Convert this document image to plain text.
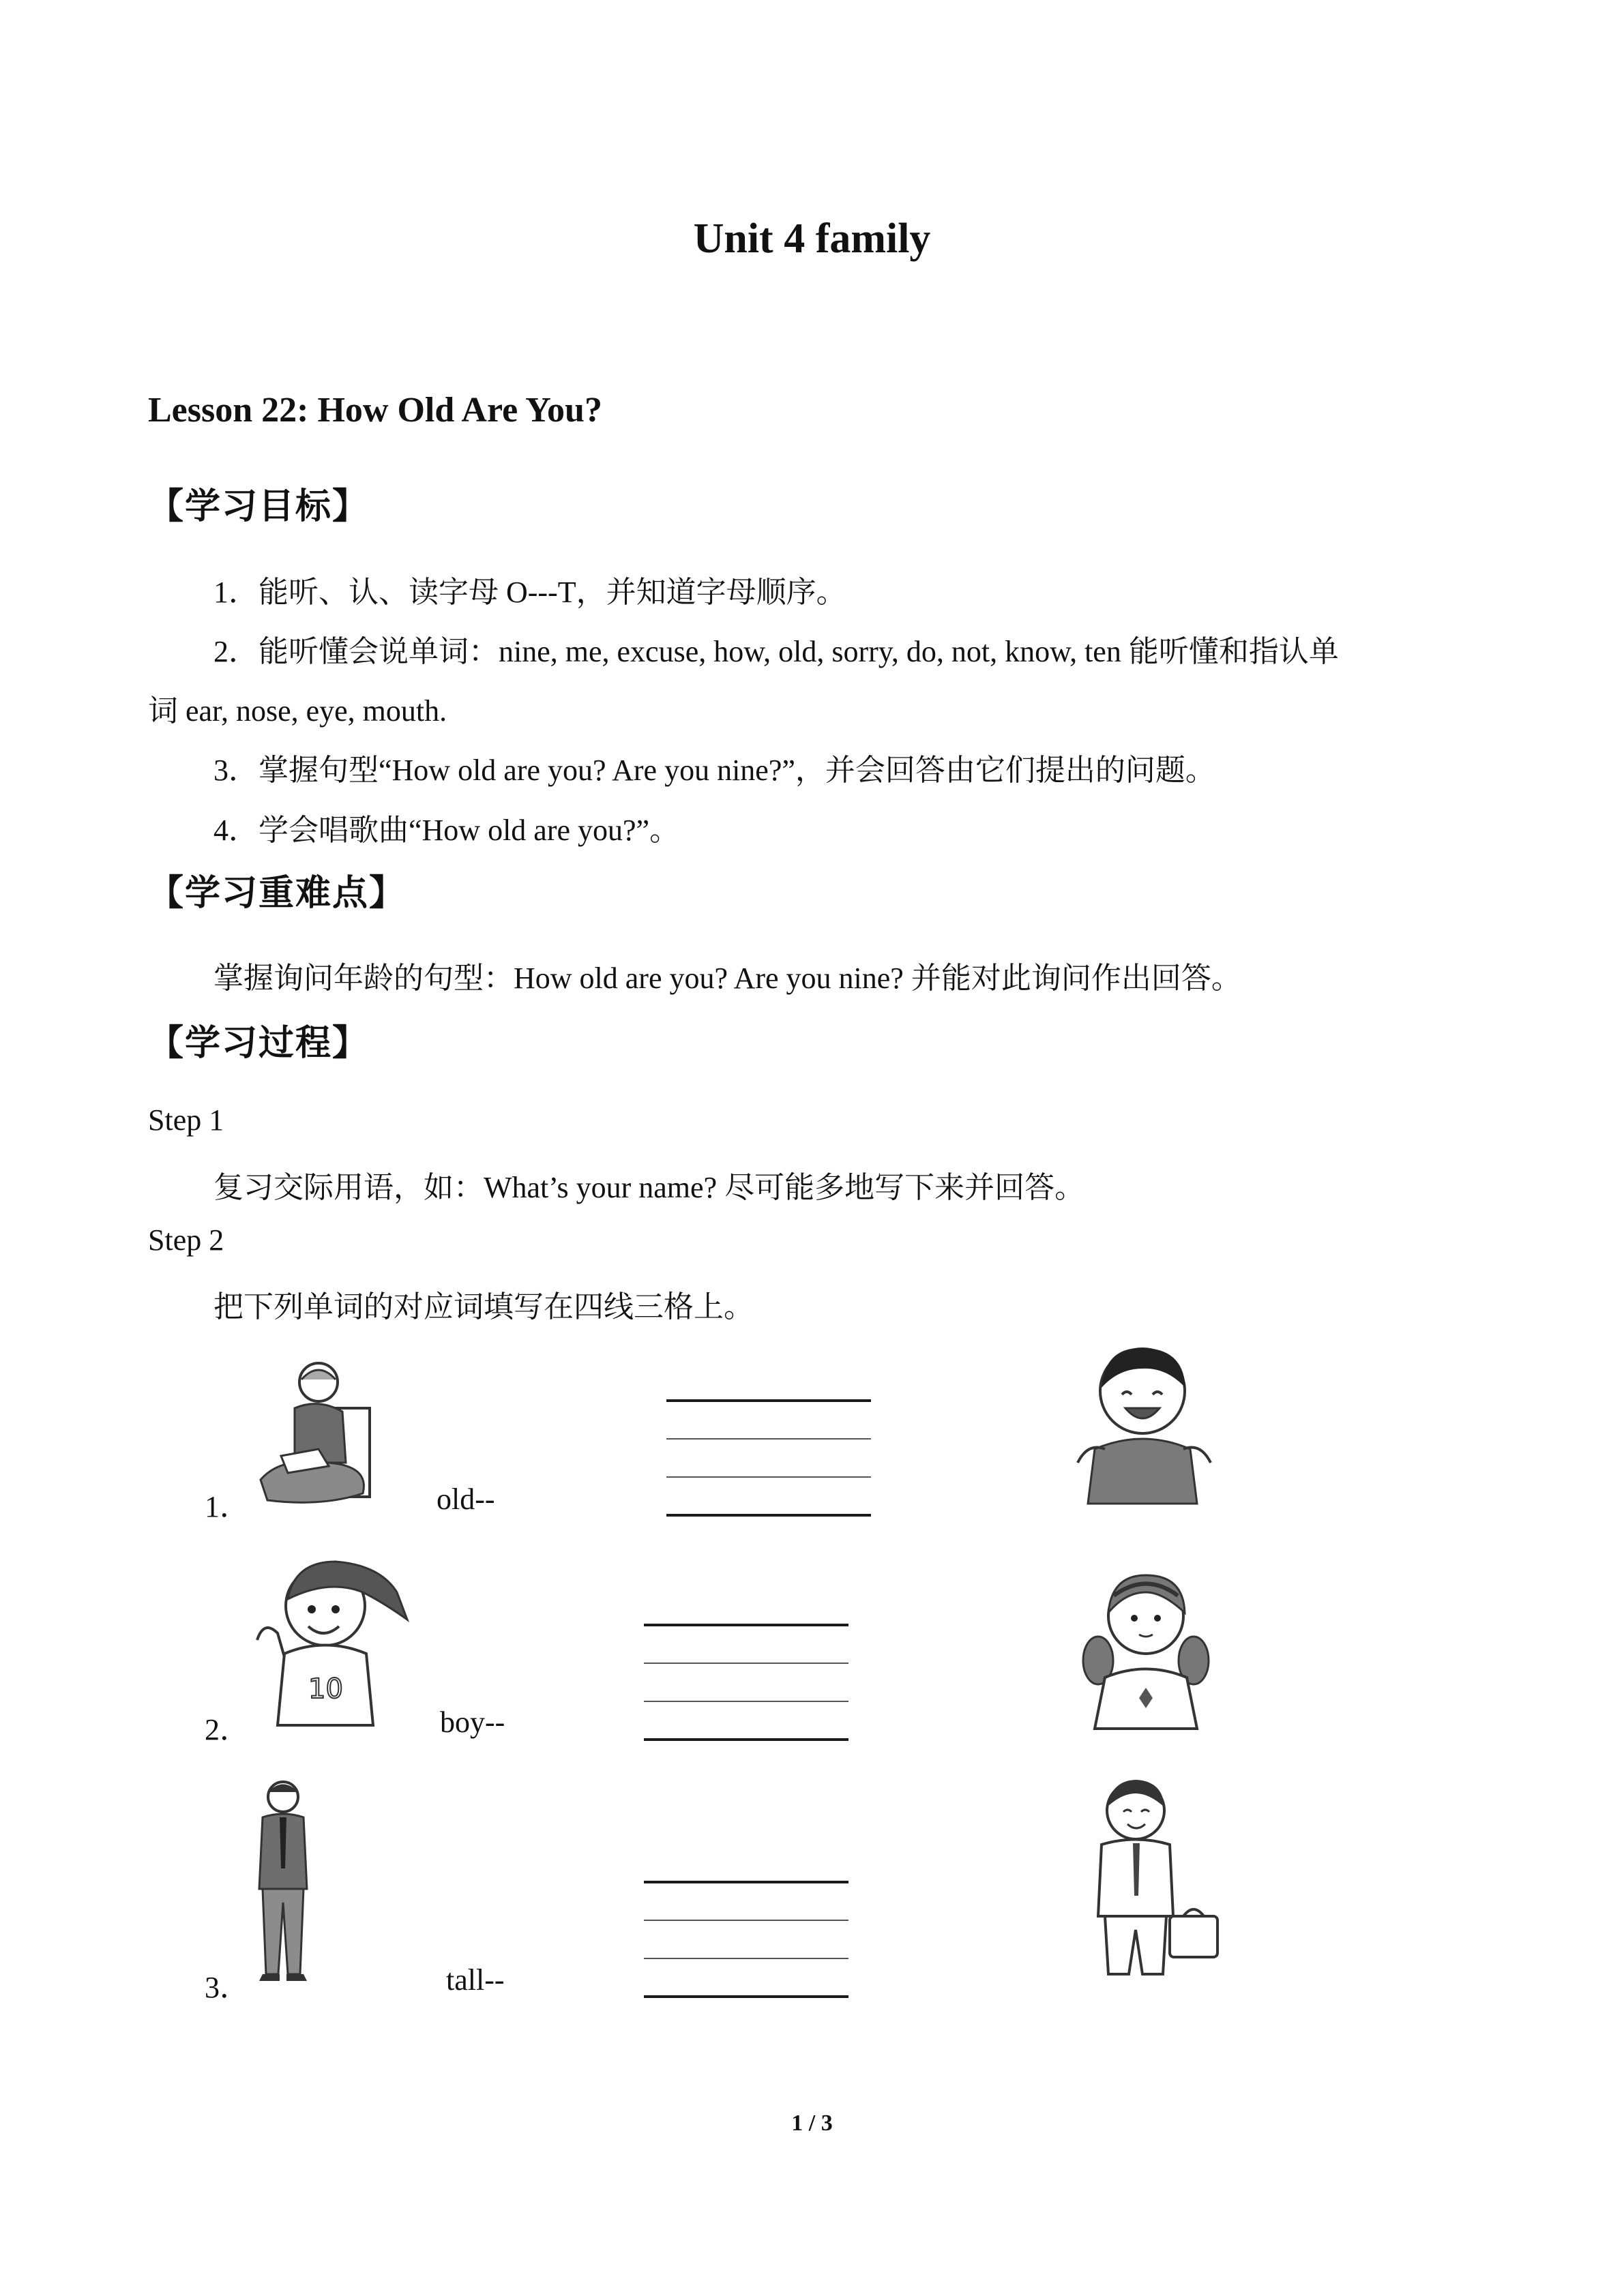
Unit 4 family
Lesson 22: How Old Are You?
【学习目标】
1．能听、认、读字母 O---T，并知道字母顺序。
2．能听懂会说单词：nine, me, excuse, how, old, sorry, do, not, know, ten 能听懂和指认单
词 ear, nose, eye, mouth.
3．掌握句型“How old are you? Are you nine?”，并会回答由它们提出的问题。
4．学会唱歌曲“How old are you?”。
【学习重难点】
掌握询问年龄的句型：How old are you? Are you nine? 并能对此询问作出回答。
【学习过程】
Step 1
复习交际用语，如：What’s your name? 尽可能多地写下来并回答。
Step 2
把下列单词的对应词填写在四线三格上。
1．	old--
2．
10
boy--
3．	tall--
1 / 3
